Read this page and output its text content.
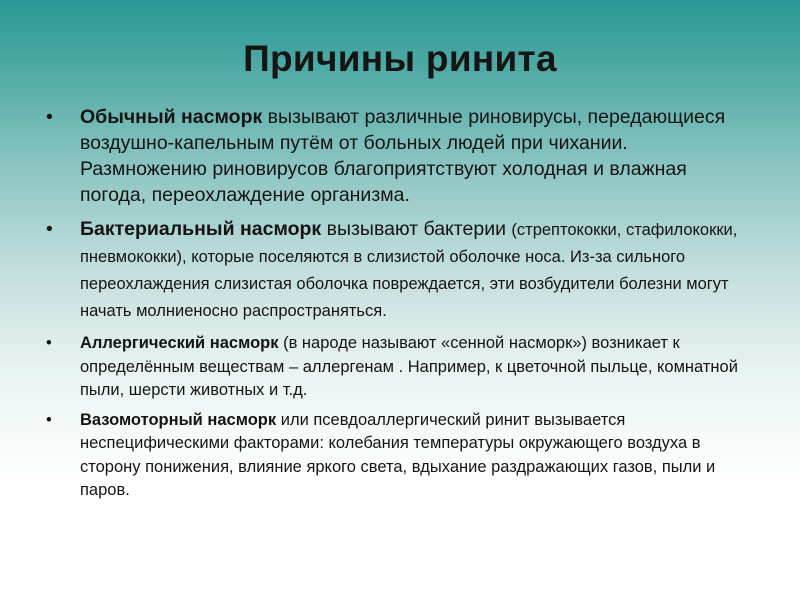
Причины ринита
• Обычный насморк вызывают различные риновирусы, передающиеся воздушно-капельным путём от больных людей при чихании. Размножению риновирусов благоприятствуют холодная и влажная погода, переохлаждение организма.
• Бактериальный насморк вызывают бактерии (стрептококки, стафилококки, пневмококки), которые поселяются в слизистой оболочке носа. Из-за сильного переохлаждения слизистая оболочка повреждается, эти возбудители болезни могут начать молниеносно распространяться.
• Аллергический насморк (в народе называют «сенной насморк») возникает к определённым веществам – аллергенам . Например, к цветочной пыльце, комнатной пыли, шерсти животных и т.д.
• Вазомоторный насморк или псевдоаллергический ринит вызывается неспецифическими факторами: колебания температуры окружающего воздуха в сторону понижения, влияние яркого света, вдыхание раздражающих газов, пыли и паров.
